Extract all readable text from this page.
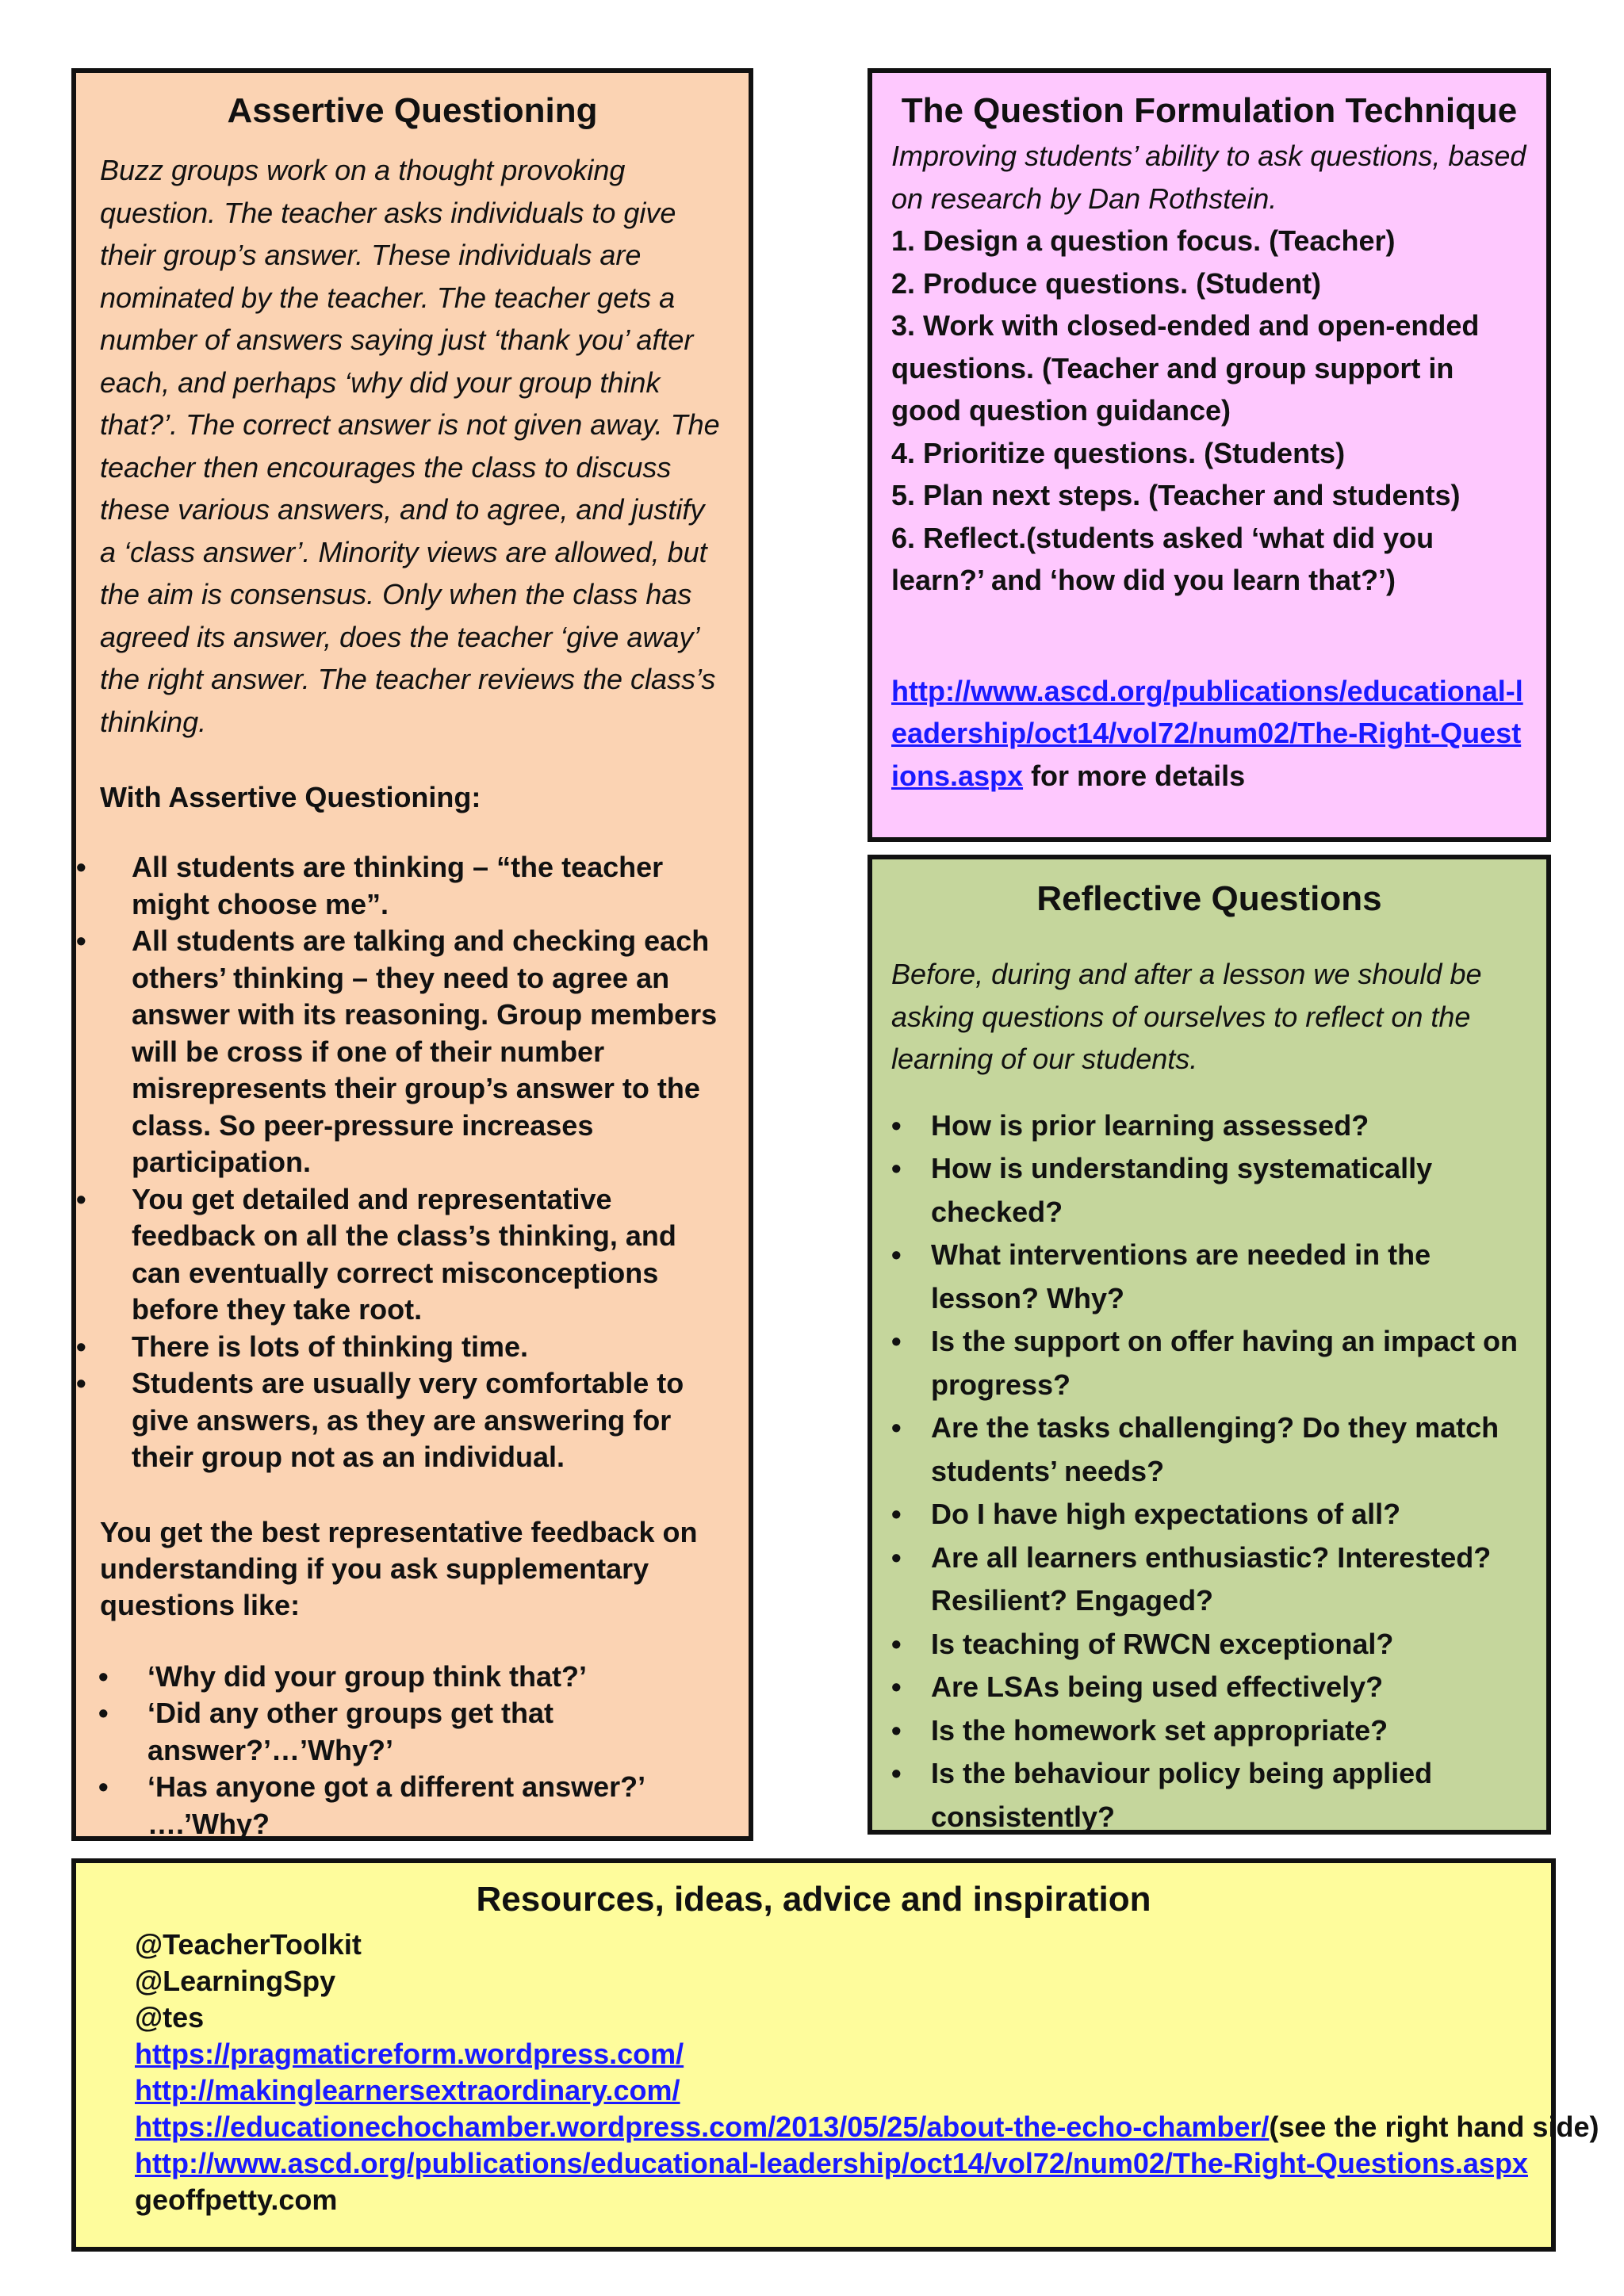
Assertive Questioning

Buzz groups work on a thought provoking question. The teacher asks individuals to give their group’s answer. These individuals are nominated by the teacher. The teacher gets a number of answers saying just ‘thank you’ after each, and perhaps ‘why did your group think that?’. The correct answer is not given away. The teacher then encourages the class to discuss these various answers, and to agree, and justify a ‘class answer’. Minority views are allowed, but the aim is consensus. Only when the class has agreed its answer, does the teacher ‘give away’ the right answer. The teacher reviews the class’s thinking.

With Assertive Questioning:

• All students are thinking – “the teacher might choose me”.
• All students are talking and checking each others’ thinking – they need to agree an answer with its reasoning. Group members will be cross if one of their number misrepresents their group’s answer to the class. So peer-pressure increases participation.
• You get detailed and representative feedback on all the class’s thinking, and can eventually correct misconceptions before they take root.
• There is lots of thinking time.
• Students are usually very comfortable to give answers, as they are answering for their group not as an individual.

You get the best representative feedback on understanding if you ask supplementary questions like:

• ‘Why did your group think that?’
• ‘Did any other groups get that answer?’…’Why?’
• ‘Has anyone got a different answer?’ ….’Why?

The Question Formulation Technique
Improving students’ ability to ask questions, based on research by Dan Rothstein.
1. Design a question focus. (Teacher)
2. Produce questions. (Student)
3. Work with closed-ended and open-ended questions. (Teacher and group support in good question guidance)
4. Prioritize questions. (Students)
5. Plan next steps. (Teacher and students)
6. Reflect.(students asked ‘what did you learn?’ and ‘how did you learn that?’)
http://www.ascd.org/publications/educational-leadership/oct14/vol72/num02/The-Right-Questions.aspx for more details
Reflective Questions

Before, during and after a lesson we should be asking questions of ourselves to reflect on the learning of our students.

• How is prior learning assessed?
• How is understanding systematically checked?
• What interventions are needed in the lesson? Why?
• Is the support on offer having an impact on progress?
• Are the tasks challenging? Do they match students’ needs?
• Do I have high expectations of all?
• Are all learners enthusiastic? Interested? Resilient? Engaged?
• Is teaching of RWCN exceptional?
• Are LSAs being used effectively?
• Is the homework set appropriate?
• Is the behaviour policy being applied consistently?
Resources, ideas, advice and inspiration
@TeacherToolkit
@LearningSpy
@tes
https://pragmaticreform.wordpress.com/
http://makinglearnersextraordinary.com/
https://educationechochamber.wordpress.com/2013/05/25/about-the-echo-chamber/(see the right hand side)
http://www.ascd.org/publications/educational-leadership/oct14/vol72/num02/The-Right-Questions.aspx
geoffpetty.com
